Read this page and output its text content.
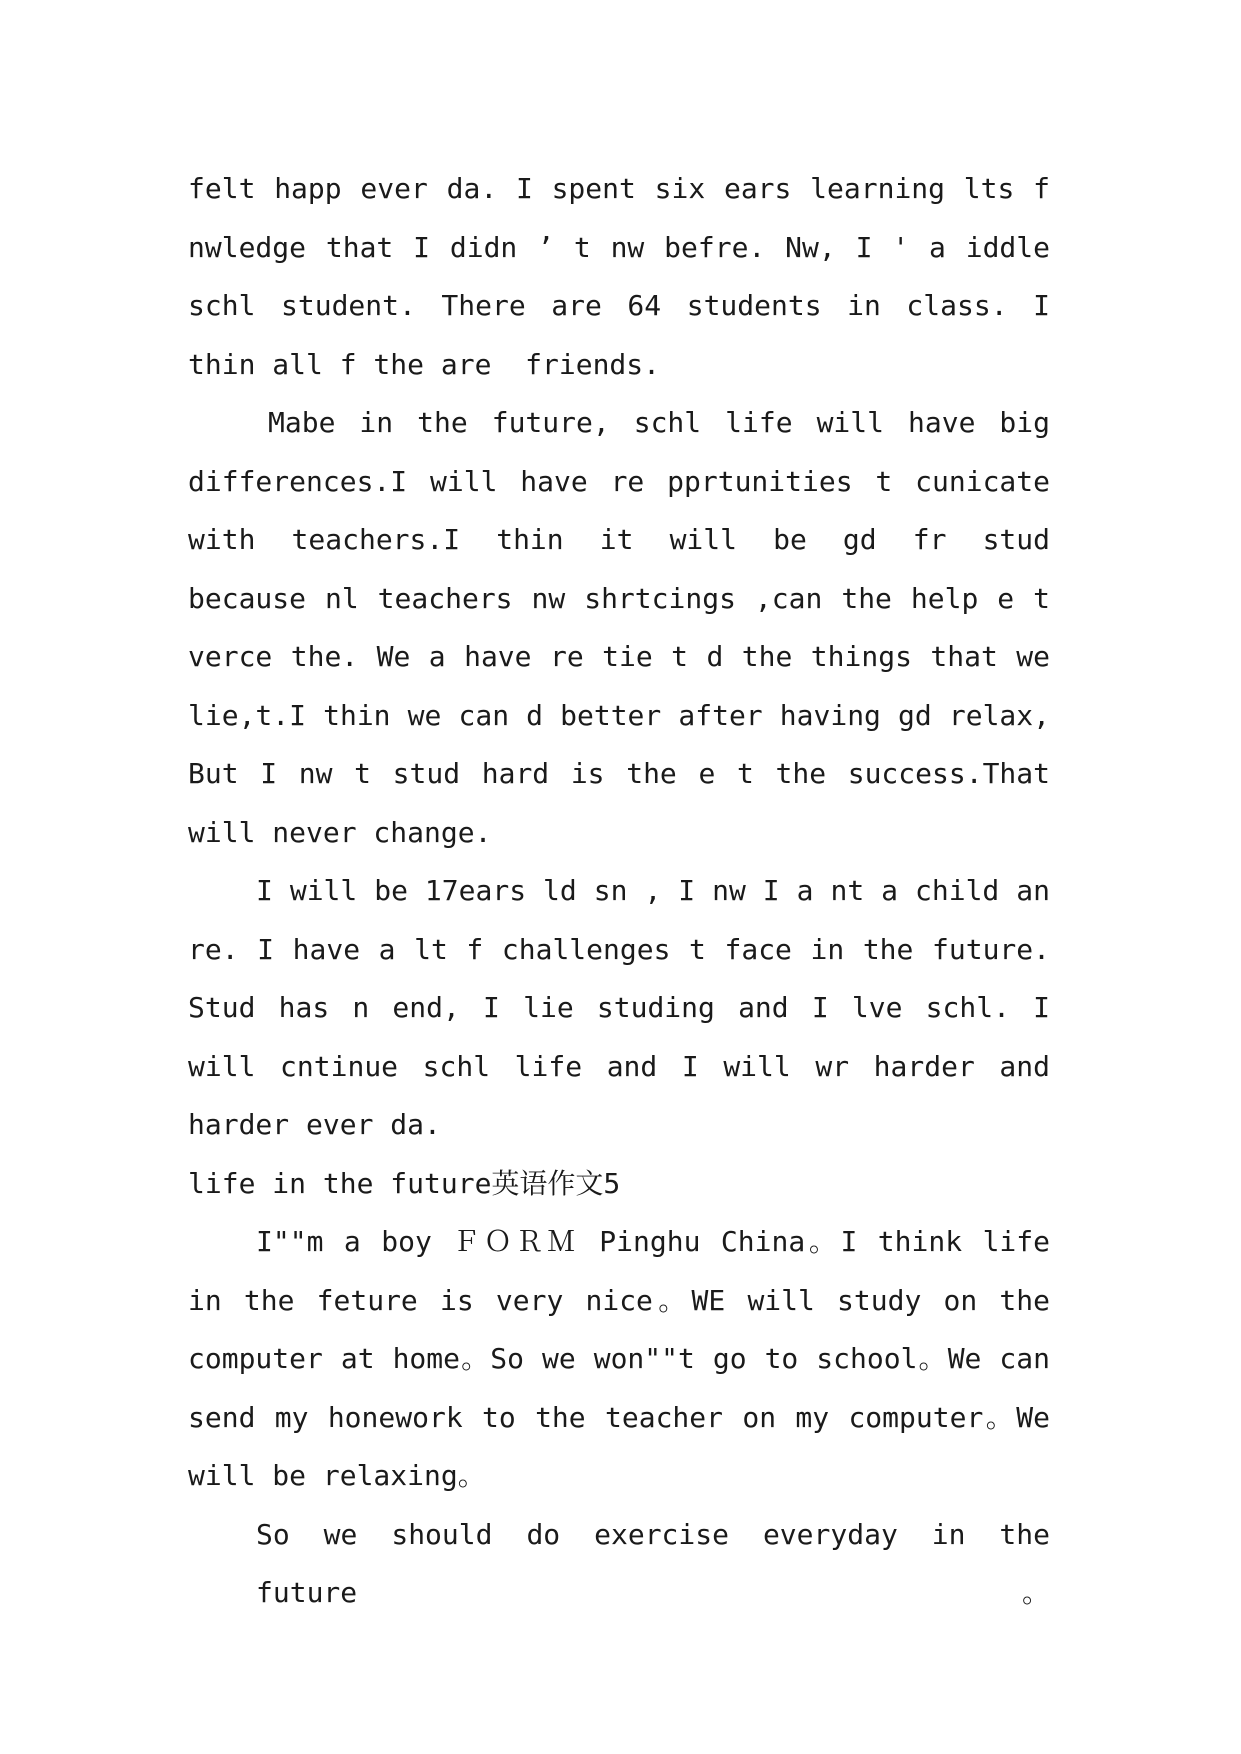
felt happ ever da. I spent six ears learning lts f
nwledge that I didn ’ t nw befre. Nw, I ' a iddle
schl student. There are 64 students in class. I
thin all f the are  friends.
Mabe in the future, schl life will have big
differences.I will have re pprtunities t cunicate
with teachers.I thin it will be gd fr stud
because nl teachers nw shrtcings ,can the help e t
verce the. We a have re tie t d the things that we
lie,t.I thin we can d better after having gd relax,
But I nw t stud hard is the e t the success.That
will never change.
I will be 17ears ld sn , I nw I a nt a child an
re. I have a lt f challenges t face in the future.
Stud has n end, I lie studing and I lve schl. I
will cntinue schl life and I will wr harder and
harder ever da.
life in the future英语作文5
I""m a boy ＦＯＲＭ Pinghu China。I think life
in the feture is very nice。WE will study on the
computer at home。So we won""t go to school。We can
send my honework to the teacher on my computer。We
will be relaxing。
So we should do exercise everyday in the future。
